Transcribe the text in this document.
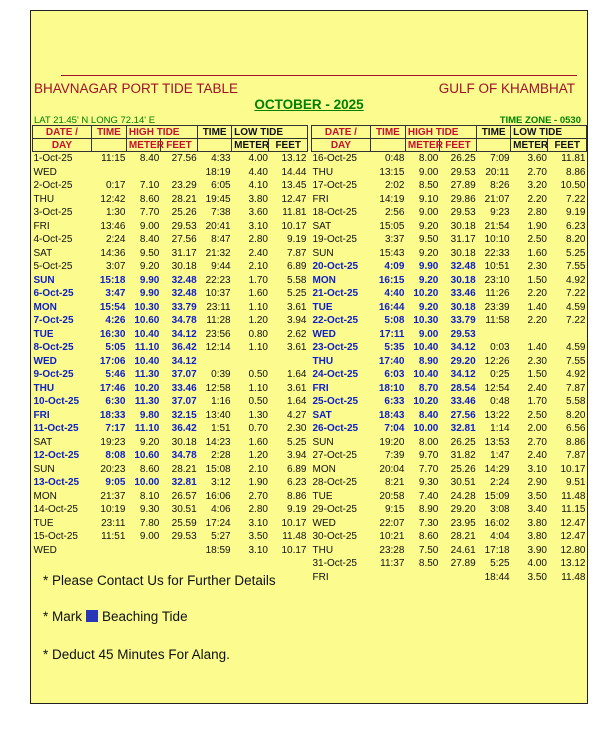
BHAVNAGAR PORT TIDE TABLE	GULF OF KHAMBHAT
OCTOBER - 2025
LAT 21.45' N LONG 72.14' E	TIME ZONE - 0530
DATE /	TIME	HIGH TIDE		TIME	LOW TIDE	
DAY		METER	FEET		METER	FEET
1-Oct-25	11:15	8.40	27.56	4:33	4.00	13.12
WED				18:19	4.40	14.44
2-Oct-25	0:17	7.10	23.29	6:05	4.10	13.45
THU	12:42	8.60	28.21	19:45	3.80	12.47
3-Oct-25	1:30	7.70	25.26	7:38	3.60	11.81
FRI	13:46	9.00	29.53	20:41	3.10	10.17
4-Oct-25	2:24	8.40	27.56	8:47	2.80	9.19
SAT	14:36	9.50	31.17	21:32	2.40	7.87
5-Oct-25	3:07	9.20	30.18	9:44	2.10	6.89
SUN	15:18	9.90	32.48	22:23	1.70	5.58
6-Oct-25	3:47	9.90	32.48	10:37	1.60	5.25
MON	15:54	10.30	33.79	23:11	1.10	3.61
7-Oct-25	4:26	10.60	34.78	11:28	1.20	3.94
TUE	16:30	10.40	34.12	23:56	0.80	2.62
8-Oct-25	5:05	11.10	36.42	12:14	1.10	3.61
WED	17:06	10.40	34.12			
9-Oct-25	5:46	11.30	37.07	0:39	0.50	1.64
THU	17:46	10.20	33.46	12:58	1.10	3.61
10-Oct-25	6:30	11.30	37.07	1:16	0.50	1.64
FRI	18:33	9.80	32.15	13:40	1.30	4.27
11-Oct-25	7:17	11.10	36.42	1:51	0.70	2.30
SAT	19:23	9.20	30.18	14:23	1.60	5.25
12-Oct-25	8:08	10.60	34.78	2:28	1.20	3.94
SUN	20:23	8.60	28.21	15:08	2.10	6.89
13-Oct-25	9:05	10.00	32.81	3:12	1.90	6.23
MON	21:37	8.10	26.57	16:06	2.70	8.86
14-Oct-25	10:19	9.30	30.51	4:06	2.80	9.19
TUE	23:11	7.80	25.59	17:24	3.10	10.17
15-Oct-25	11:51	9.00	29.53	5:27	3.50	11.48
WED				18:59	3.10	10.17
DATE /	TIME	HIGH TIDE		TIME	LOW TIDE	
DAY		METER	FEET		METER	FEET
16-Oct-25	0:48	8.00	26.25	7:09	3.60	11.81
THU	13:15	9.00	29.53	20:11	2.70	8.86
17-Oct-25	2:02	8.50	27.89	8:26	3.20	10.50
FRI	14:19	9.10	29.86	21:07	2.20	7.22
18-Oct-25	2:56	9.00	29.53	9:23	2.80	9.19
SAT	15:05	9.20	30.18	21:54	1.90	6.23
19-Oct-25	3:37	9.50	31.17	10:10	2.50	8.20
SUN	15:43	9.20	30.18	22:33	1.60	5.25
20-Oct-25	4:09	9.90	32.48	10:51	2.30	7.55
MON	16:15	9.20	30.18	23:10	1.50	4.92
21-Oct-25	4:40	10.20	33.46	11:26	2.20	7.22
TUE	16:44	9.20	30.18	23:39	1.40	4.59
22-Oct-25	5:08	10.30	33.79	11:58	2.20	7.22
WED	17:11	9.00	29.53			
23-Oct-25	5:35	10.40	34.12	0:03	1.40	4.59
THU	17:40	8.90	29.20	12:26	2.30	7.55
24-Oct-25	6:03	10.40	34.12	0:25	1.50	4.92
FRI	18:10	8.70	28.54	12:54	2.40	7.87
25-Oct-25	6:33	10.20	33.46	0:48	1.70	5.58
SAT	18:43	8.40	27.56	13:22	2.50	8.20
26-Oct-25	7:04	10.00	32.81	1:14	2.00	6.56
SUN	19:20	8.00	26.25	13:53	2.70	8.86
27-Oct-25	7:39	9.70	31.82	1:47	2.40	7.87
MON	20:04	7.70	25.26	14:29	3.10	10.17
28-Oct-25	8:21	9.30	30.51	2:24	2.90	9.51
TUE	20:58	7.40	24.28	15:09	3.50	11.48
29-Oct-25	9:15	8.90	29.20	3:08	3.40	11.15
WED	22:07	7.30	23.95	16:02	3.80	12.47
30-Oct-25	10:21	8.60	28.21	4:04	3.80	12.47
THU	23:28	7.50	24.61	17:18	3.90	12.80
31-Oct-25	11:37	8.50	27.89	5:25	4.00	13.12
FRI				18:44	3.50	11.48
* Please Contact Us for Further Details
* Mark Beaching Tide
* Deduct 45 Minutes For Alang.
